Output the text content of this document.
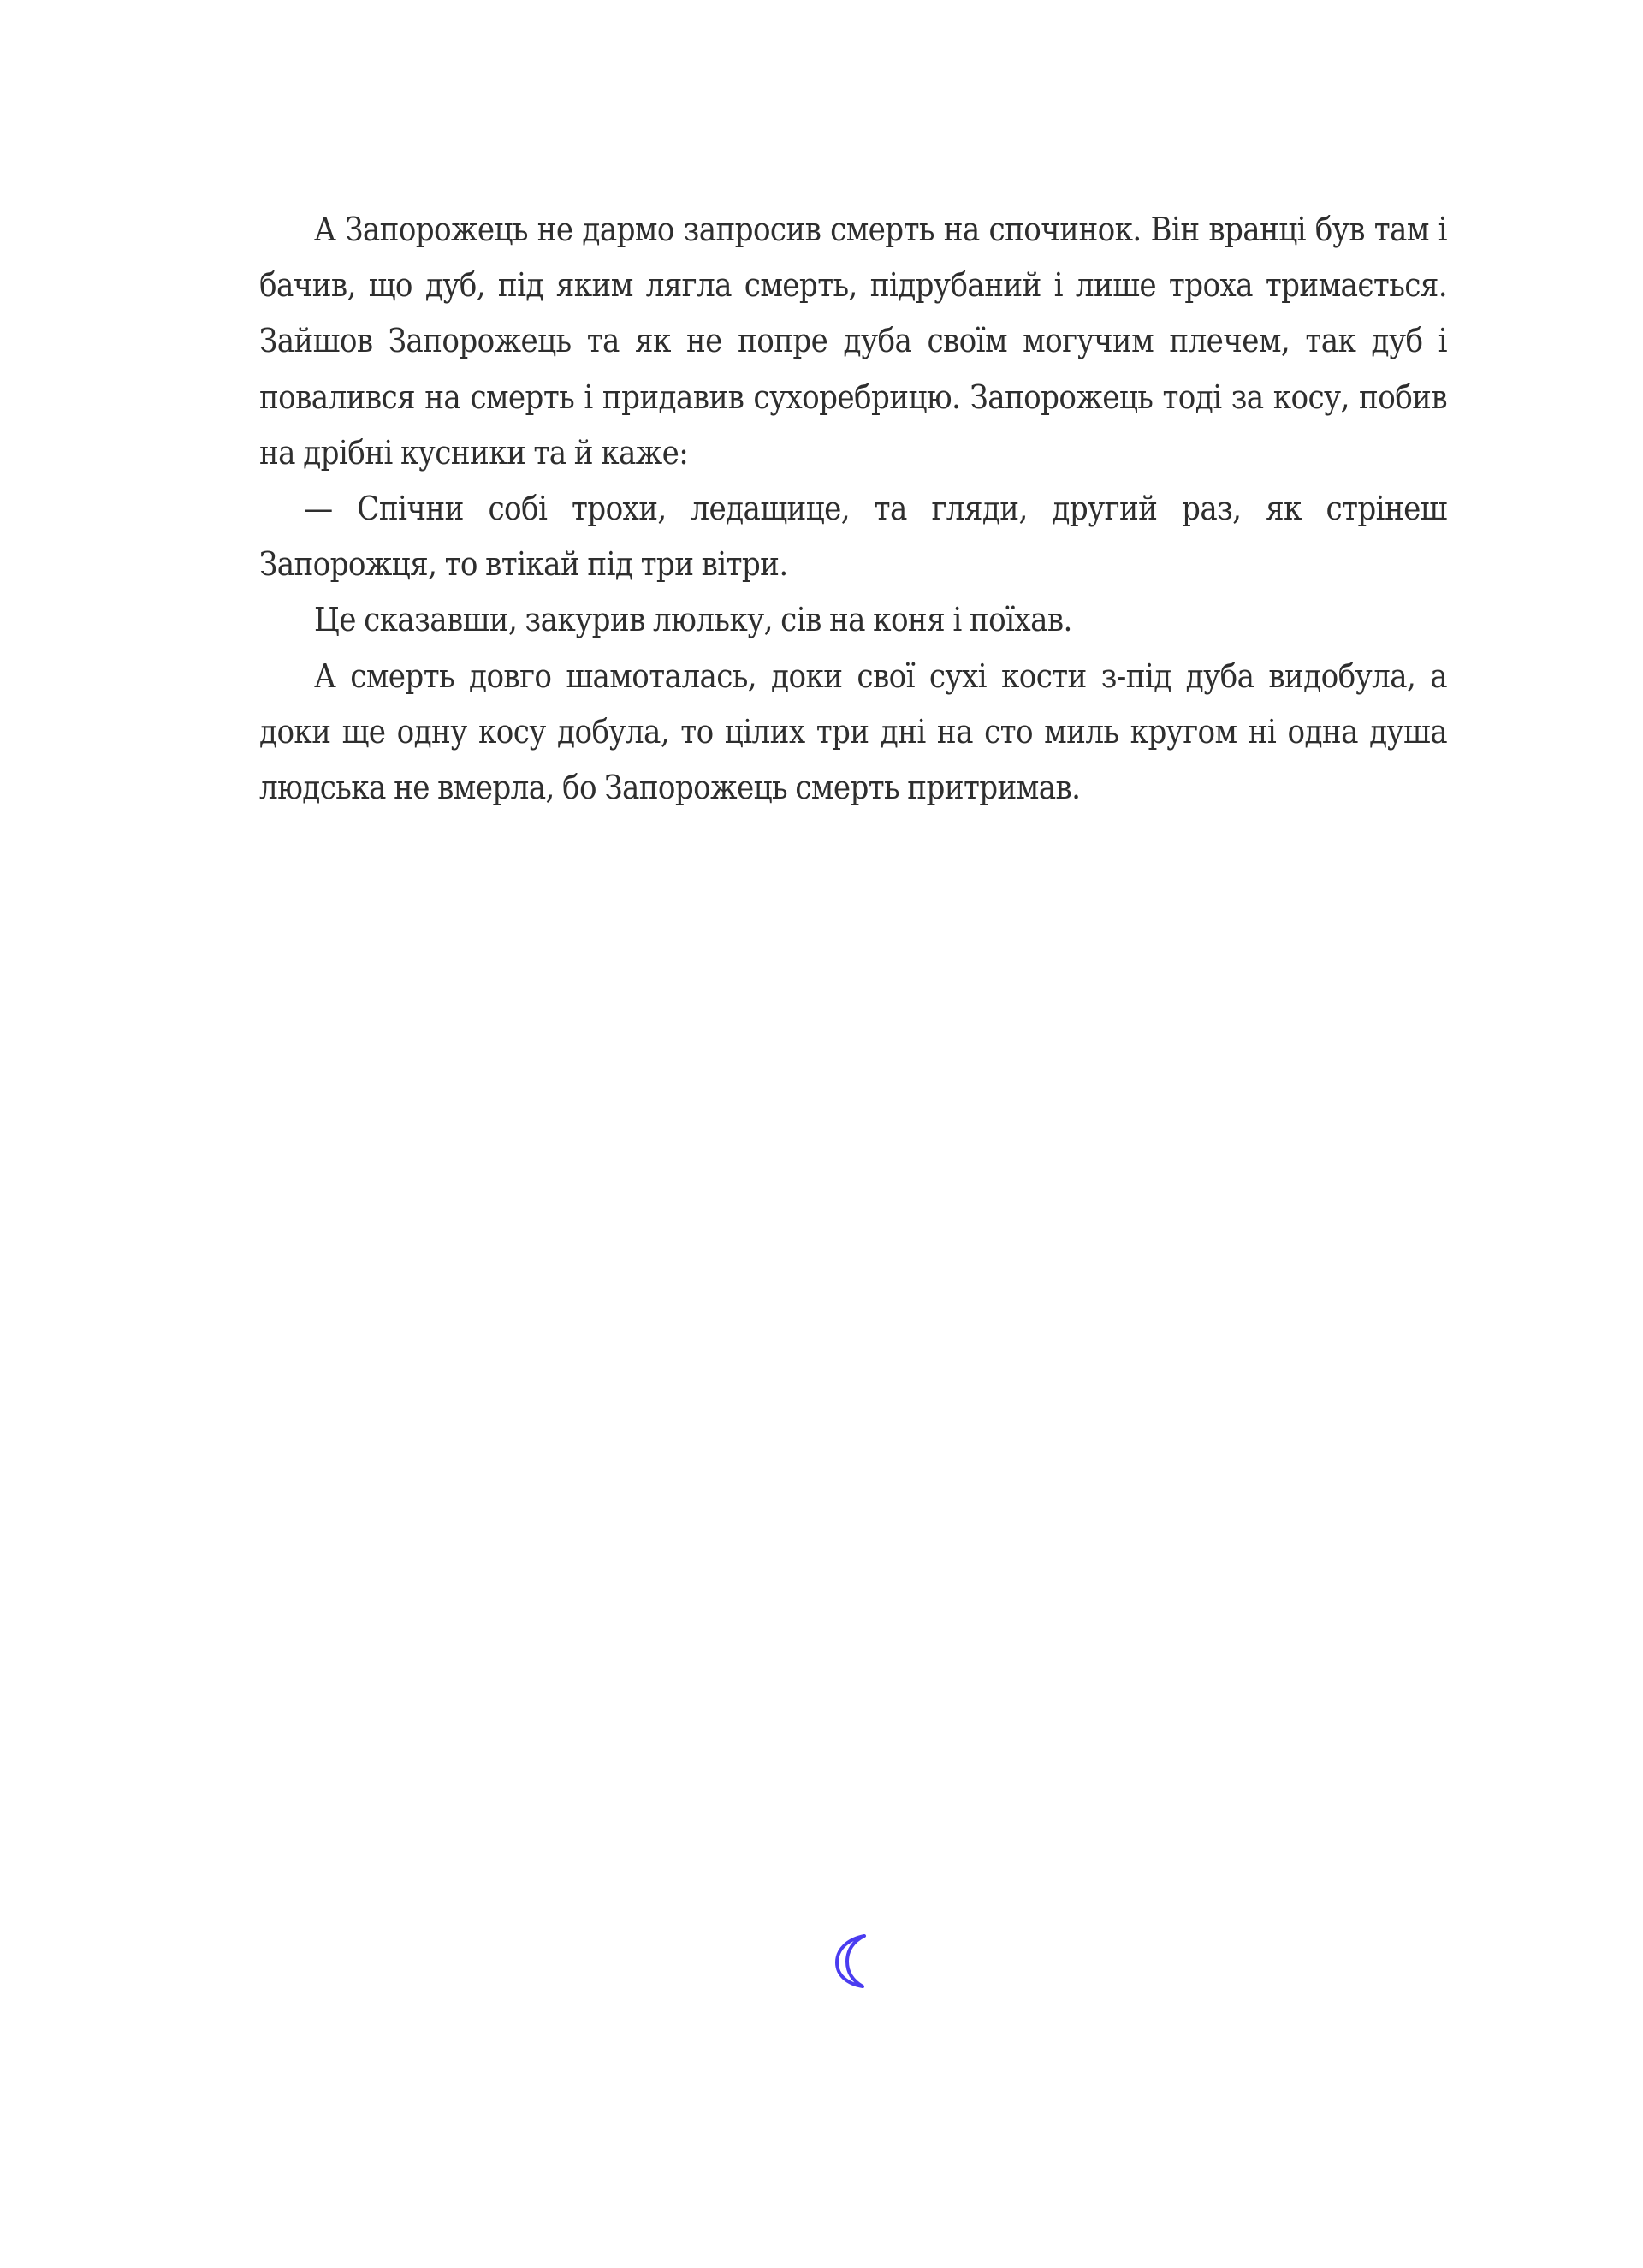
А Запорожець не дармо запросив смерть на спочинок. Він вранці був там і бачив, що дуб, під яким лягла смерть, підрубаний і лише троха тримається. Зайшов Запорожець та як не попре дуба своїм могучим плечем, так дуб і повалився на смерть і придавив сухоребрицю. Запорожець тоді за косу, побив на дрібні кусники та й каже:

— Спічни собі трохи, ледащице, та гляди, другий раз, як стрінеш Запорожця, то втікай під три вітри.

Це сказавши, закурив люльку, сів на коня і поїхав.

А смерть довго шамоталась, доки свої сухі кости з-під дуба видобула, а доки ще одну косу добула, то цілих три дні на сто миль кругом ні одна душа людська не вмерла, бо Запорожець смерть притримав.
